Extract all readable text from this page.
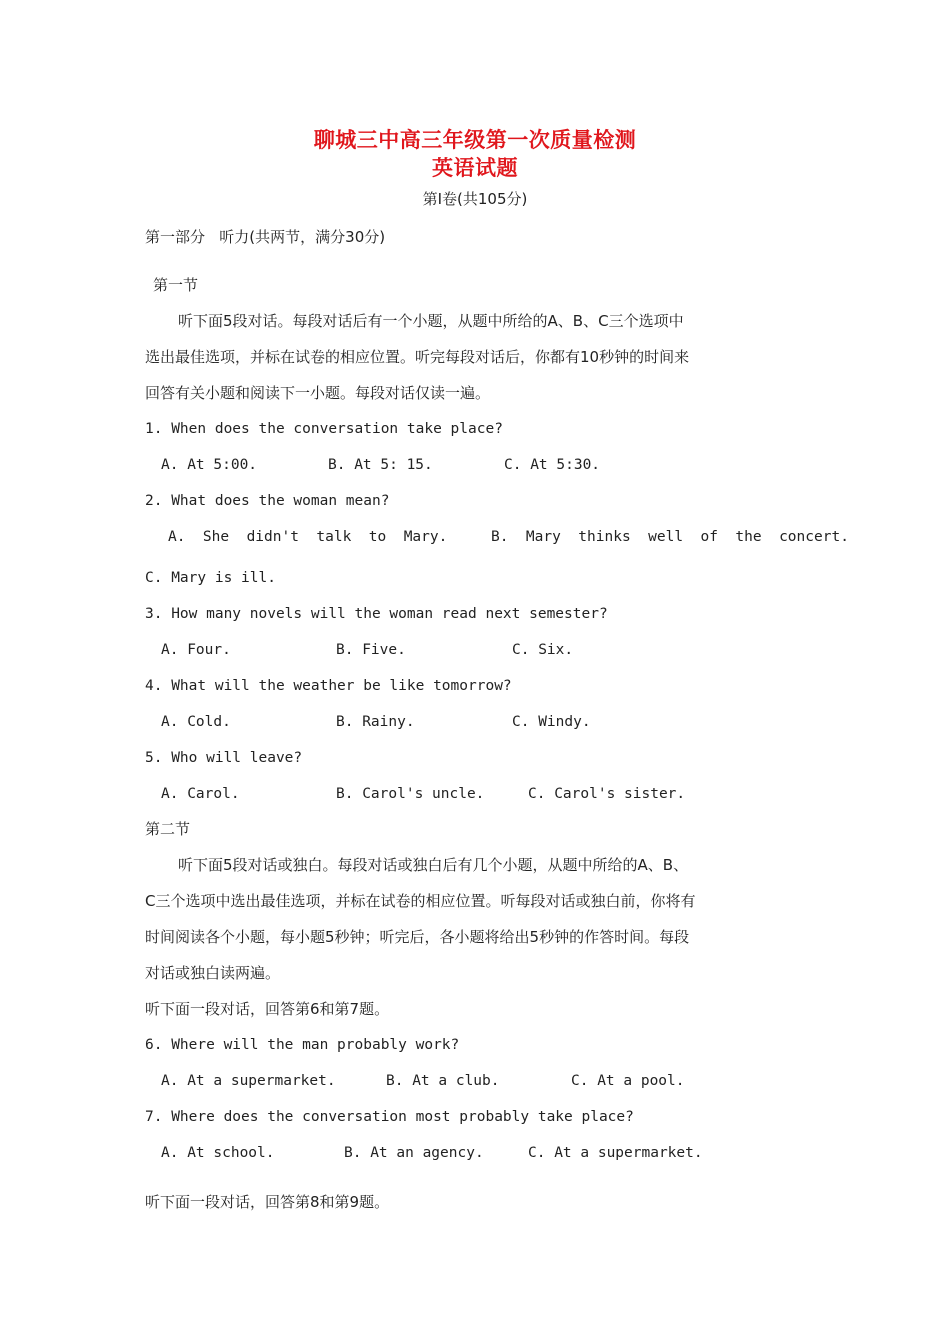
聊城三中高三年级第一次质量检测
英语试题
第Ⅰ卷(共105分)
第一部分   听力(共两节，满分30分)
第一节
听下面5段对话。每段对话后有一个小题，从题中所给的A、B、C三个选项中
选出最佳选项，并标在试卷的相应位置。听完每段对话后，你都有10秒钟的时间来
回答有关小题和阅读下一小题。每段对话仅读一遍。
1. When does the conversation take place?
A. At 5:00.	B. At 5: 15.	C. At 5:30.
2. What does the woman mean?
A.  She  didn't  talk  to  Mary.	B.  Mary  thinks  well  of  the  concert.
C. Mary is ill.
3. How many novels will the woman read next semester?
A. Four.	B. Five.	C. Six.
4. What will the weather be like tomorrow?
A. Cold.	B. Rainy.	C. Windy.
5. Who will leave?
A. Carol.	B. Carol's uncle.	C. Carol's sister.
第二节
听下面5段对话或独白。每段对话或独白后有几个小题，从题中所给的A、B、
C三个选项中选出最佳选项，并标在试卷的相应位置。听每段对话或独白前，你将有
时间阅读各个小题，每小题5秒钟；听完后，各小题将给出5秒钟的作答时间。每段
对话或独白读两遍。
听下面一段对话，回答第6和第7题。
6. Where will the man probably work?
A. At a supermarket.	B. At a club.	C. At a pool.
7. Where does the conversation most probably take place?
A. At school.	B. At an agency.	C. At a supermarket.
听下面一段对话，回答第8和第9题。
